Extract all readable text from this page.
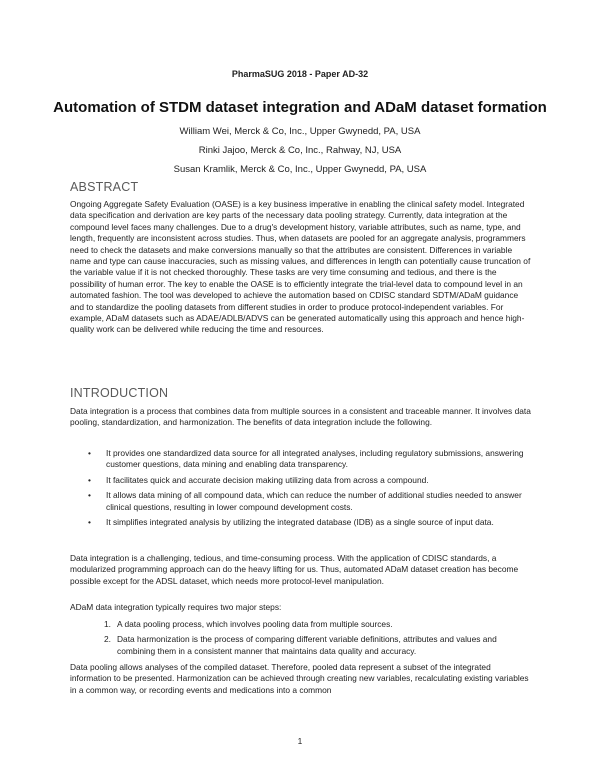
PharmaSUG 2018 - Paper AD-32
Automation of STDM dataset integration and ADaM dataset formation
William Wei, Merck & Co, Inc., Upper Gwynedd, PA, USA
Rinki Jajoo, Merck & Co, Inc., Rahway, NJ, USA
Susan Kramlik, Merck & Co, Inc., Upper Gwynedd, PA, USA
ABSTRACT

Ongoing Aggregate Safety Evaluation (OASE) is a key business imperative in enabling the clinical safety model. Integrated data specification and derivation are key parts of the necessary data pooling strategy. Currently, data integration at the compound level faces many challenges. Due to a drug's development history, variable attributes, such as name, type, and length, frequently are inconsistent across studies. Thus, when datasets are pooled for an aggregate analysis, programmers need to check the datasets and make conversions manually so that the attributes are consistent. Differences in variable name and type can cause inaccuracies, such as missing values, and differences in length can potentially cause truncation of the variable value if it is not checked thoroughly. These tasks are very time consuming and tedious, and there is the possibility of human error. The key to enable the OASE is to efficiently integrate the trial-level data to compound level in an automated fashion. The tool was developed to achieve the automation based on CDISC standard SDTM/ADaM guidance and to standardize the pooling datasets from different studies in order to produce protocol-independent variables. For example, ADaM datasets such as ADAE/ADLB/ADVS can be generated automatically using this approach and hence high-quality work can be delivered while reducing the time and resources.

INTRODUCTION

Data integration is a process that combines data from multiple sources in a consistent and traceable manner. It involves data pooling, standardization, and harmonization. The benefits of data integration include the following.

• It provides one standardized data source for all integrated analyses, including regulatory submissions, answering customer questions, data mining and enabling data transparency.
• It facilitates quick and accurate decision making utilizing data from across a compound.
• It allows data mining of all compound data, which can reduce the number of additional studies needed to answer clinical questions, resulting in lower compound development costs.
• It simplifies integrated analysis by utilizing the integrated database (IDB) as a single source of input data.

Data integration is a challenging, tedious, and time-consuming process. With the application of CDISC standards, a modularized programming approach can do the heavy lifting for us. Thus, automated ADaM dataset creation has become possible except for the ADSL dataset, which needs more protocol-level manipulation.

ADaM data integration typically requires two major steps:

1. A data pooling process, which involves pooling data from multiple sources.
2. Data harmonization is the process of comparing different variable definitions, attributes and values and combining them in a consistent manner that maintains data quality and accuracy.

Data pooling allows analyses of the compiled dataset. Therefore, pooled data represent a subset of the integrated information to be presented. Harmonization can be achieved through creating new variables, recalculating existing variables in a common way, or recording events and medications into a common

1
